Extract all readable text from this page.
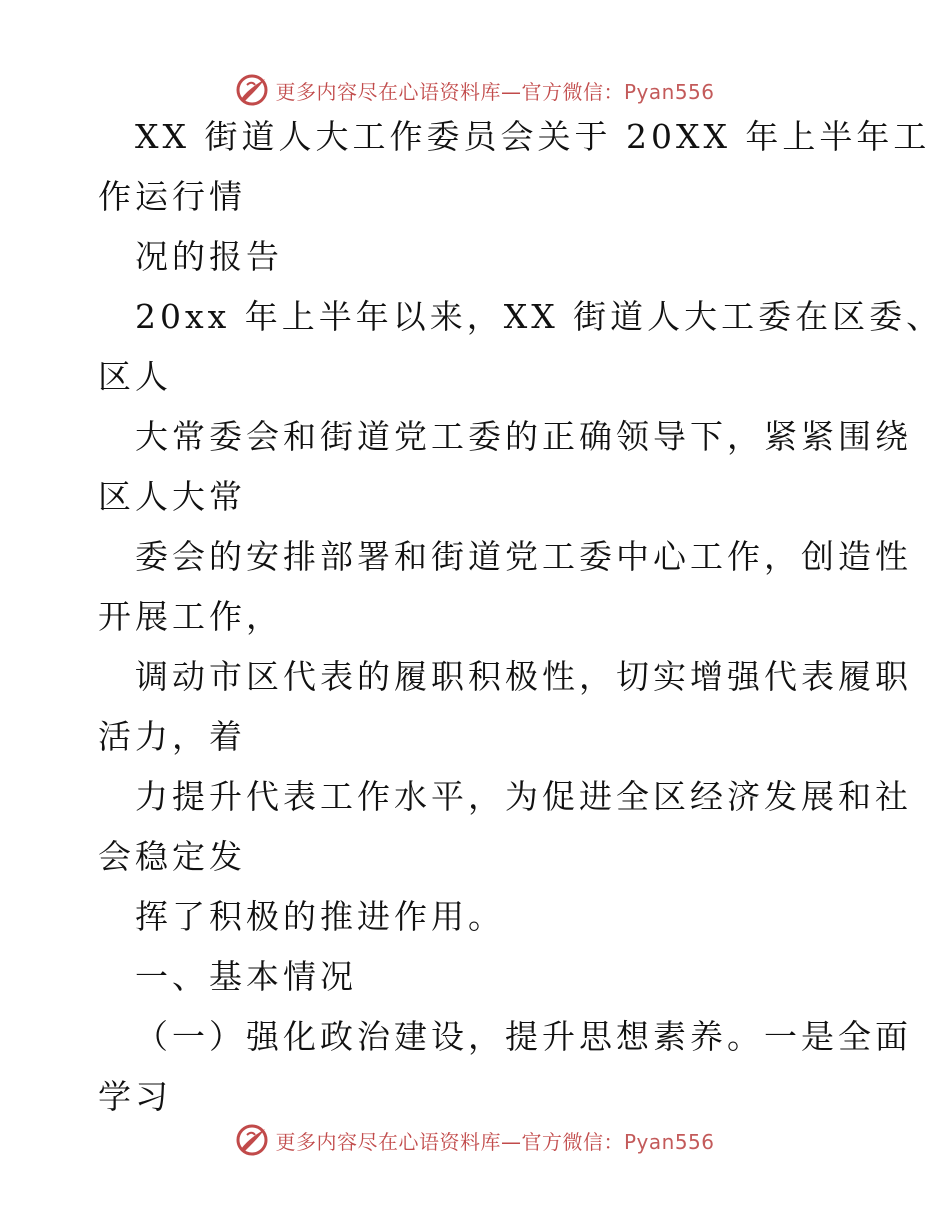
更多内容尽在心语资料库—官方微信：Pyan556
XX 街道人大工作委员会关于 20XX 年上半年工
作运行情
况的报告
20xx 年上半年以来，XX 街道人大工委在区委、
区人
大常委会和街道党工委的正确领导下，紧紧围绕
区人大常
委会的安排部署和街道党工委中心工作，创造性
开展工作，
调动市区代表的履职积极性，切实增强代表履职
活力，着
力提升代表工作水平，为促进全区经济发展和社
会稳定发
挥了积极的推进作用。
一、基本情况
（一）强化政治建设，提升思想素养。一是全面
学习
更多内容尽在心语资料库—官方微信：Pyan556
